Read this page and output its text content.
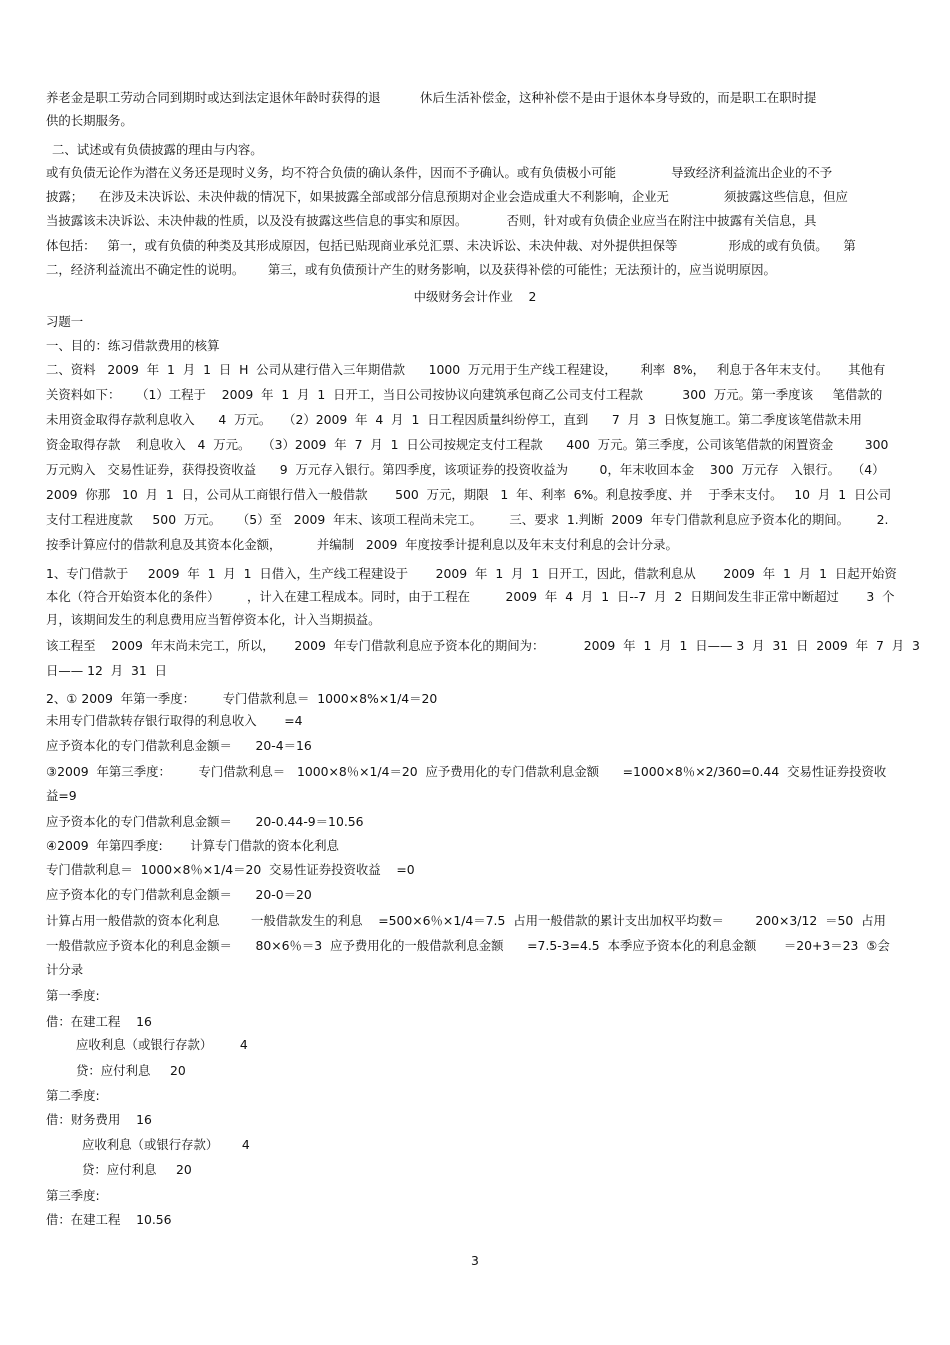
养老金是职工劳动合同到期时或达到法定退休年龄时获得的退          休后生活补偿金，这种补偿不是由于退休本身导致的，而是职工在职时提

供的长期服务。

二、试述或有负债披露的理由与内容。

或有负债无论作为潜在义务还是现时义务，均不符合负债的确认条件，因而不予确认。或有负债极小可能              导致经济利益流出企业的不予

披露；    在涉及未决诉讼、未决仲裁的情况下，如果披露全部或部分信息预期对企业会造成重大不利影响，企业无              须披露这些信息，但应

当披露该未决诉讼、未决仲裁的性质，以及没有披露这些信息的事实和原因。          否则，针对或有负债企业应当在附注中披露有关信息，具

体包括：   第一，或有负债的种类及其形成原因，包括已贴现商业承兑汇票、未决诉讼、未决仲裁、对外提供担保等             形成的或有负债。    第

二，经济利益流出不确定性的说明。      第三，或有负债预计产生的财务影响，以及获得补偿的可能性；无法预计的，应当说明原因。

中级财务会计作业    2

习题一

一、目的：练习借款费用的核算

二、资料   2009  年  1  月  1  日  H  公司从建行借入三年期借款      1000  万元用于生产线工程建设，      利率  8%，   利息于各年末支付。     其他有

关资料如下：    （1）工程于    2009  年  1  月  1  日开工，当日公司按协议向建筑承包商乙公司支付工程款          300  万元。第一季度该     笔借款的

未用资金取得存款利息收入      4  万元。   （2）2009  年  4  月  1  日工程因质量纠纷停工，直到      7  月  3  日恢复施工。第二季度该笔借款未用

资金取得存款    利息收入   4  万元。   （3）2009  年  7  月  1  日公司按规定支付工程款      400  万元。第三季度，公司该笔借款的闲置资金        300

万元购入   交易性证券，获得投资收益      9  万元存入银行。第四季度，该项证券的投资收益为        0，年末收回本金    300  万元存   入银行。   （4）

2009  你那   10  月  1  日，公司从工商银行借入一般借款       500  万元，期限   1  年、利率  6%。利息按季度、并    于季末支付。   10  月  1  日公司

支付工程进度款     500  万元。    （5）至   2009  年末、该项工程尚未完工。       三、要求  1.判断  2009  年专门借款利息应予资本化的期间。       2.

按季计算应付的借款利息及其资本化金额，         并编制   2009  年度按季计提利息以及年末支付利息的会计分录。

1、专门借款于     2009  年  1  月  1  日借入，生产线工程建设于       2009  年  1  月  1  日开工，因此，借款利息从       2009  年  1  月  1  日起开始资

本化（符合开始资本化的条件）       ，计入在建工程成本。同时，由于工程在         2009  年  4  月  1  日--7  月  2  日期间发生非正常中断超过       3  个

月，该期间发生的利息费用应当暂停资本化，计入当期损益。

该工程至    2009  年末尚未完工，所以，     2009  年专门借款利息应予资本化的期间为：          2009  年  1  月  1  日—— 3  月  31  日  2009  年  7  月  3

日—— 12  月  31  日

2、① 2009  年第一季度：       专门借款利息＝  1000×8%×1/4＝20

未用专门借款转存银行取得的利息收入       =4

应予资本化的专门借款利息金额＝      20-4＝16

③2009  年第三季度：       专门借款利息＝   1000×8％×1/4＝20  应予费用化的专门借款利息金额      =1000×8％×2/360=0.44  交易性证券投资收

益=9

应予资本化的专门借款利息金额＝      20-0.44-9＝10.56

④2009  年第四季度:       计算专门借款的资本化利息

专门借款利息＝  1000×8％×1/4＝20  交易性证券投资收益    =0

应予资本化的专门借款利息金额＝      20-0＝20

计算占用一般借款的资本化利息        一般借款发生的利息    =500×6％×1/4＝7.5  占用一般借款的累计支出加权平均数＝        200×3/12  ＝50  占用

一般借款应予资本化的利息金额＝      80×6％＝3  应予费用化的一般借款利息金额      =7.5-3=4.5  本季应予资本化的利息金额       ＝20+3＝23  ⑤会

计分录

第一季度:

借：在建工程    16

应收利息（或银行存款）       4

贷：应付利息     20

第二季度:

借：财务费用    16

应收利息（或银行存款）      4

贷：应付利息     20

第三季度:

借：在建工程    10.56

3
